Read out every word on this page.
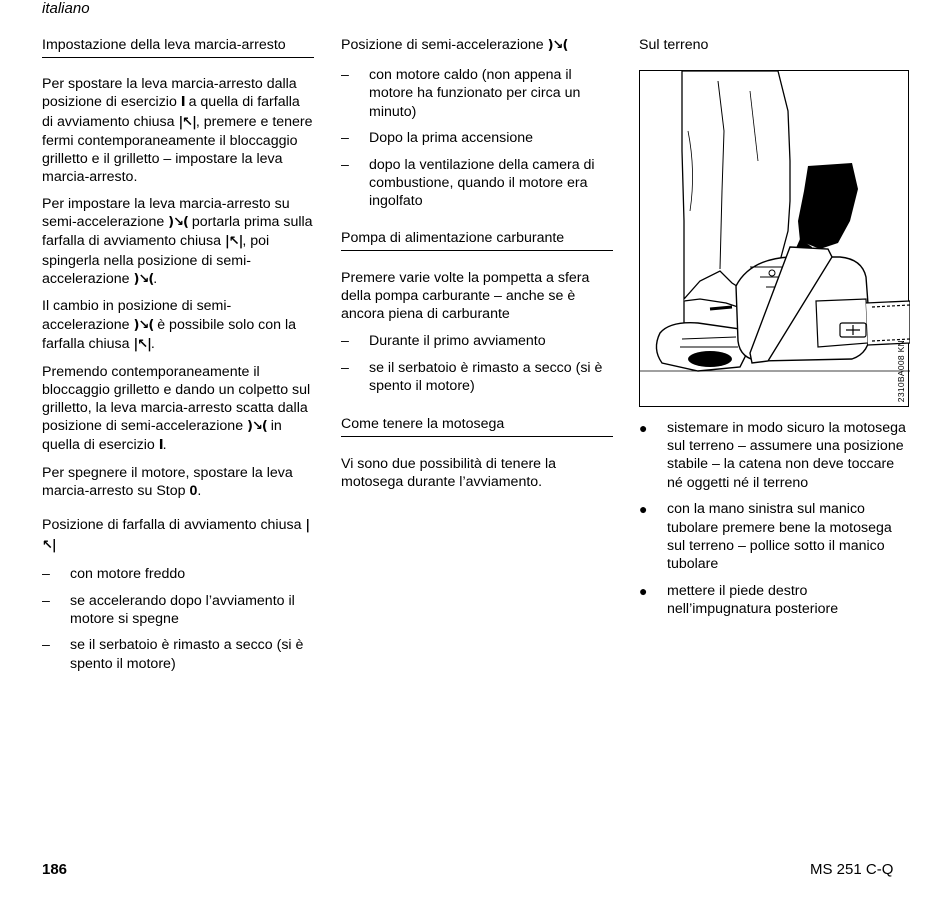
italiano
Impostazione della leva marcia-arresto

Per spostare la leva marcia-arresto dalla posizione di esercizio I a quella di farfalla di avviamento chiusa |↖|, premere e tenere fermi contemporaneamente il bloccaggio grilletto e il grilletto – impostare la leva marcia-arresto.

Per impostare la leva marcia-arresto su semi-accelerazione )↘( portarla prima sulla farfalla di avviamento chiusa |↖|, poi spingerla nella posizione di semi-accelerazione )↘(.

Il cambio in posizione di semi-accelerazione )↘( è possibile solo con la farfalla chiusa |↖|.

Premendo contemporaneamente il bloccaggio grilletto e dando un colpetto sul grilletto, la leva marcia-arresto scatta dalla posizione di semi-accelerazione )↘( in quella di esercizio I.

Per spegnere il motore, spostare la leva marcia-arresto su Stop 0.

Posizione di farfalla di avviamento chiusa |↖|
–	con motore freddo
–	se accelerando dopo l’avviamento il motore si spegne
–	se il serbatoio è rimasto a secco (si è spento il motore)
Posizione di semi-accelerazione )↘(
–	con motore caldo (non appena il motore ha funzionato per circa un minuto)
–	Dopo la prima accensione
–	dopo la ventilazione della camera di combustione, quando il motore era ingolfato
Pompa di alimentazione carburante

Premere varie volte la pompetta a sfera della pompa carburante – anche se è ancora piena di carburante

–	Durante il primo avviamento
–	se il serbatoio è rimasto a secco (si è spento il motore)
Come tenere la motosega

Vi sono due possibilità di tenere la motosega durante l’avviamento.

Sul terreno
2310BA008 KN
●	sistemare in modo sicuro la motosega sul terreno – assumere una posizione stabile – la catena non deve toccare né oggetti né il terreno
●	con la mano sinistra sul manico tubolare premere bene la motosega sul terreno – pollice sotto il manico tubolare
●	mettere il piede destro nell’impugnatura posteriore
186	MS 251 C-Q
